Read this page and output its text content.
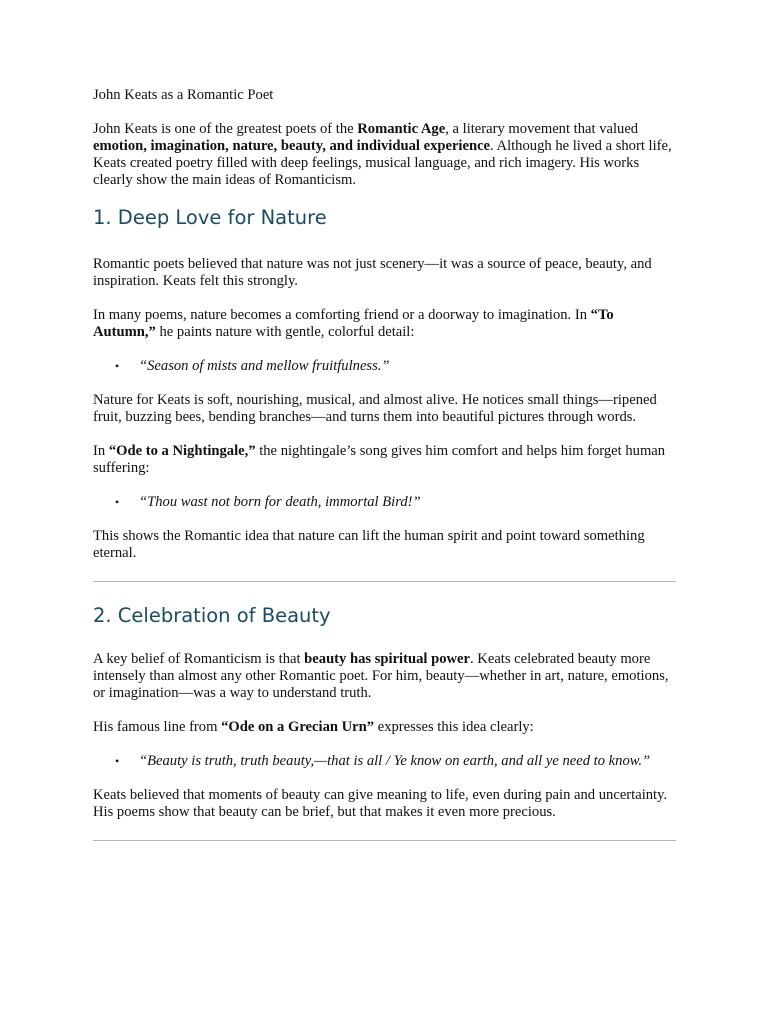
John Keats as a Romantic Poet

John Keats is one of the greatest poets of the Romantic Age, a literary movement that valued emotion, imagination, nature, beauty, and individual experience. Although he lived a short life, Keats created poetry filled with deep feelings, musical language, and rich imagery. His works clearly show the main ideas of Romanticism.

1. Deep Love for Nature

Romantic poets believed that nature was not just scenery—it was a source of peace, beauty, and inspiration. Keats felt this strongly.

In many poems, nature becomes a comforting friend or a doorway to imagination. In “To Autumn,” he paints nature with gentle, colorful detail:

• “Season of mists and mellow fruitfulness.”

Nature for Keats is soft, nourishing, musical, and almost alive. He notices small things—ripened fruit, buzzing bees, bending branches—and turns them into beautiful pictures through words.

In “Ode to a Nightingale,” the nightingale’s song gives him comfort and helps him forget human suffering:

• “Thou wast not born for death, immortal Bird!”

This shows the Romantic idea that nature can lift the human spirit and point toward something eternal.

2. Celebration of Beauty

A key belief of Romanticism is that beauty has spiritual power. Keats celebrated beauty more intensely than almost any other Romantic poet. For him, beauty—whether in art, nature, emotions, or imagination—was a way to understand truth.

His famous line from “Ode on a Grecian Urn” expresses this idea clearly:

• “Beauty is truth, truth beauty,—that is all / Ye know on earth, and all ye need to know.”

Keats believed that moments of beauty can give meaning to life, even during pain and uncertainty. His poems show that beauty can be brief, but that makes it even more precious.
